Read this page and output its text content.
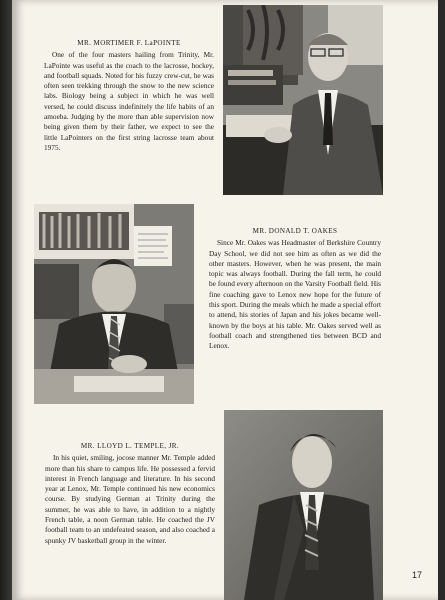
MR. MORTIMER F. LaPOINTE

One of the four masters hailing from Trinity, Mr. LaPointe was useful as the coach to the lacrosse, hockey, and football squads. Noted for his fuzzy crew-cut, he was often seen trekking through the snow to the new science labs. Biology being a subject in which he was well versed, he could discuss indefinitely the life habits of an amoeba. Judging by the more than able supervision now being given them by their father, we expect to see the little LaPointers on the first string lacrosse team about 1975.

MR. DONALD T. OAKES

Since Mr. Oakes was Headmaster of Berkshire Country Day School, we did not see him as often as we did the other masters. However, when he was present, the main topic was always football. During the fall term, he could be found every afternoon on the Varsity Football field. His fine coaching gave to Lenox new hope for the future of this sport. During the meals which he made a special effort to attend, his stories of Japan and his jokes became well-known by the boys at his table. Mr. Oakes served well as football coach and strengthened ties between BCD and Lenox.

MR. LLOYD L. TEMPLE, JR.

In his quiet, smiling, jocose manner Mr. Temple added more than his share to campus life. He possessed a fervid interest in French language and literature. In his second year at Lenox, Mr. Temple continued his new economics course. By studying German at Trinity during the summer, he was able to have, in addition to a nightly French table, a noon German table. He coached the JV football team to an undefeated season, and also coached a spunky JV basketball group in the winter.

17
